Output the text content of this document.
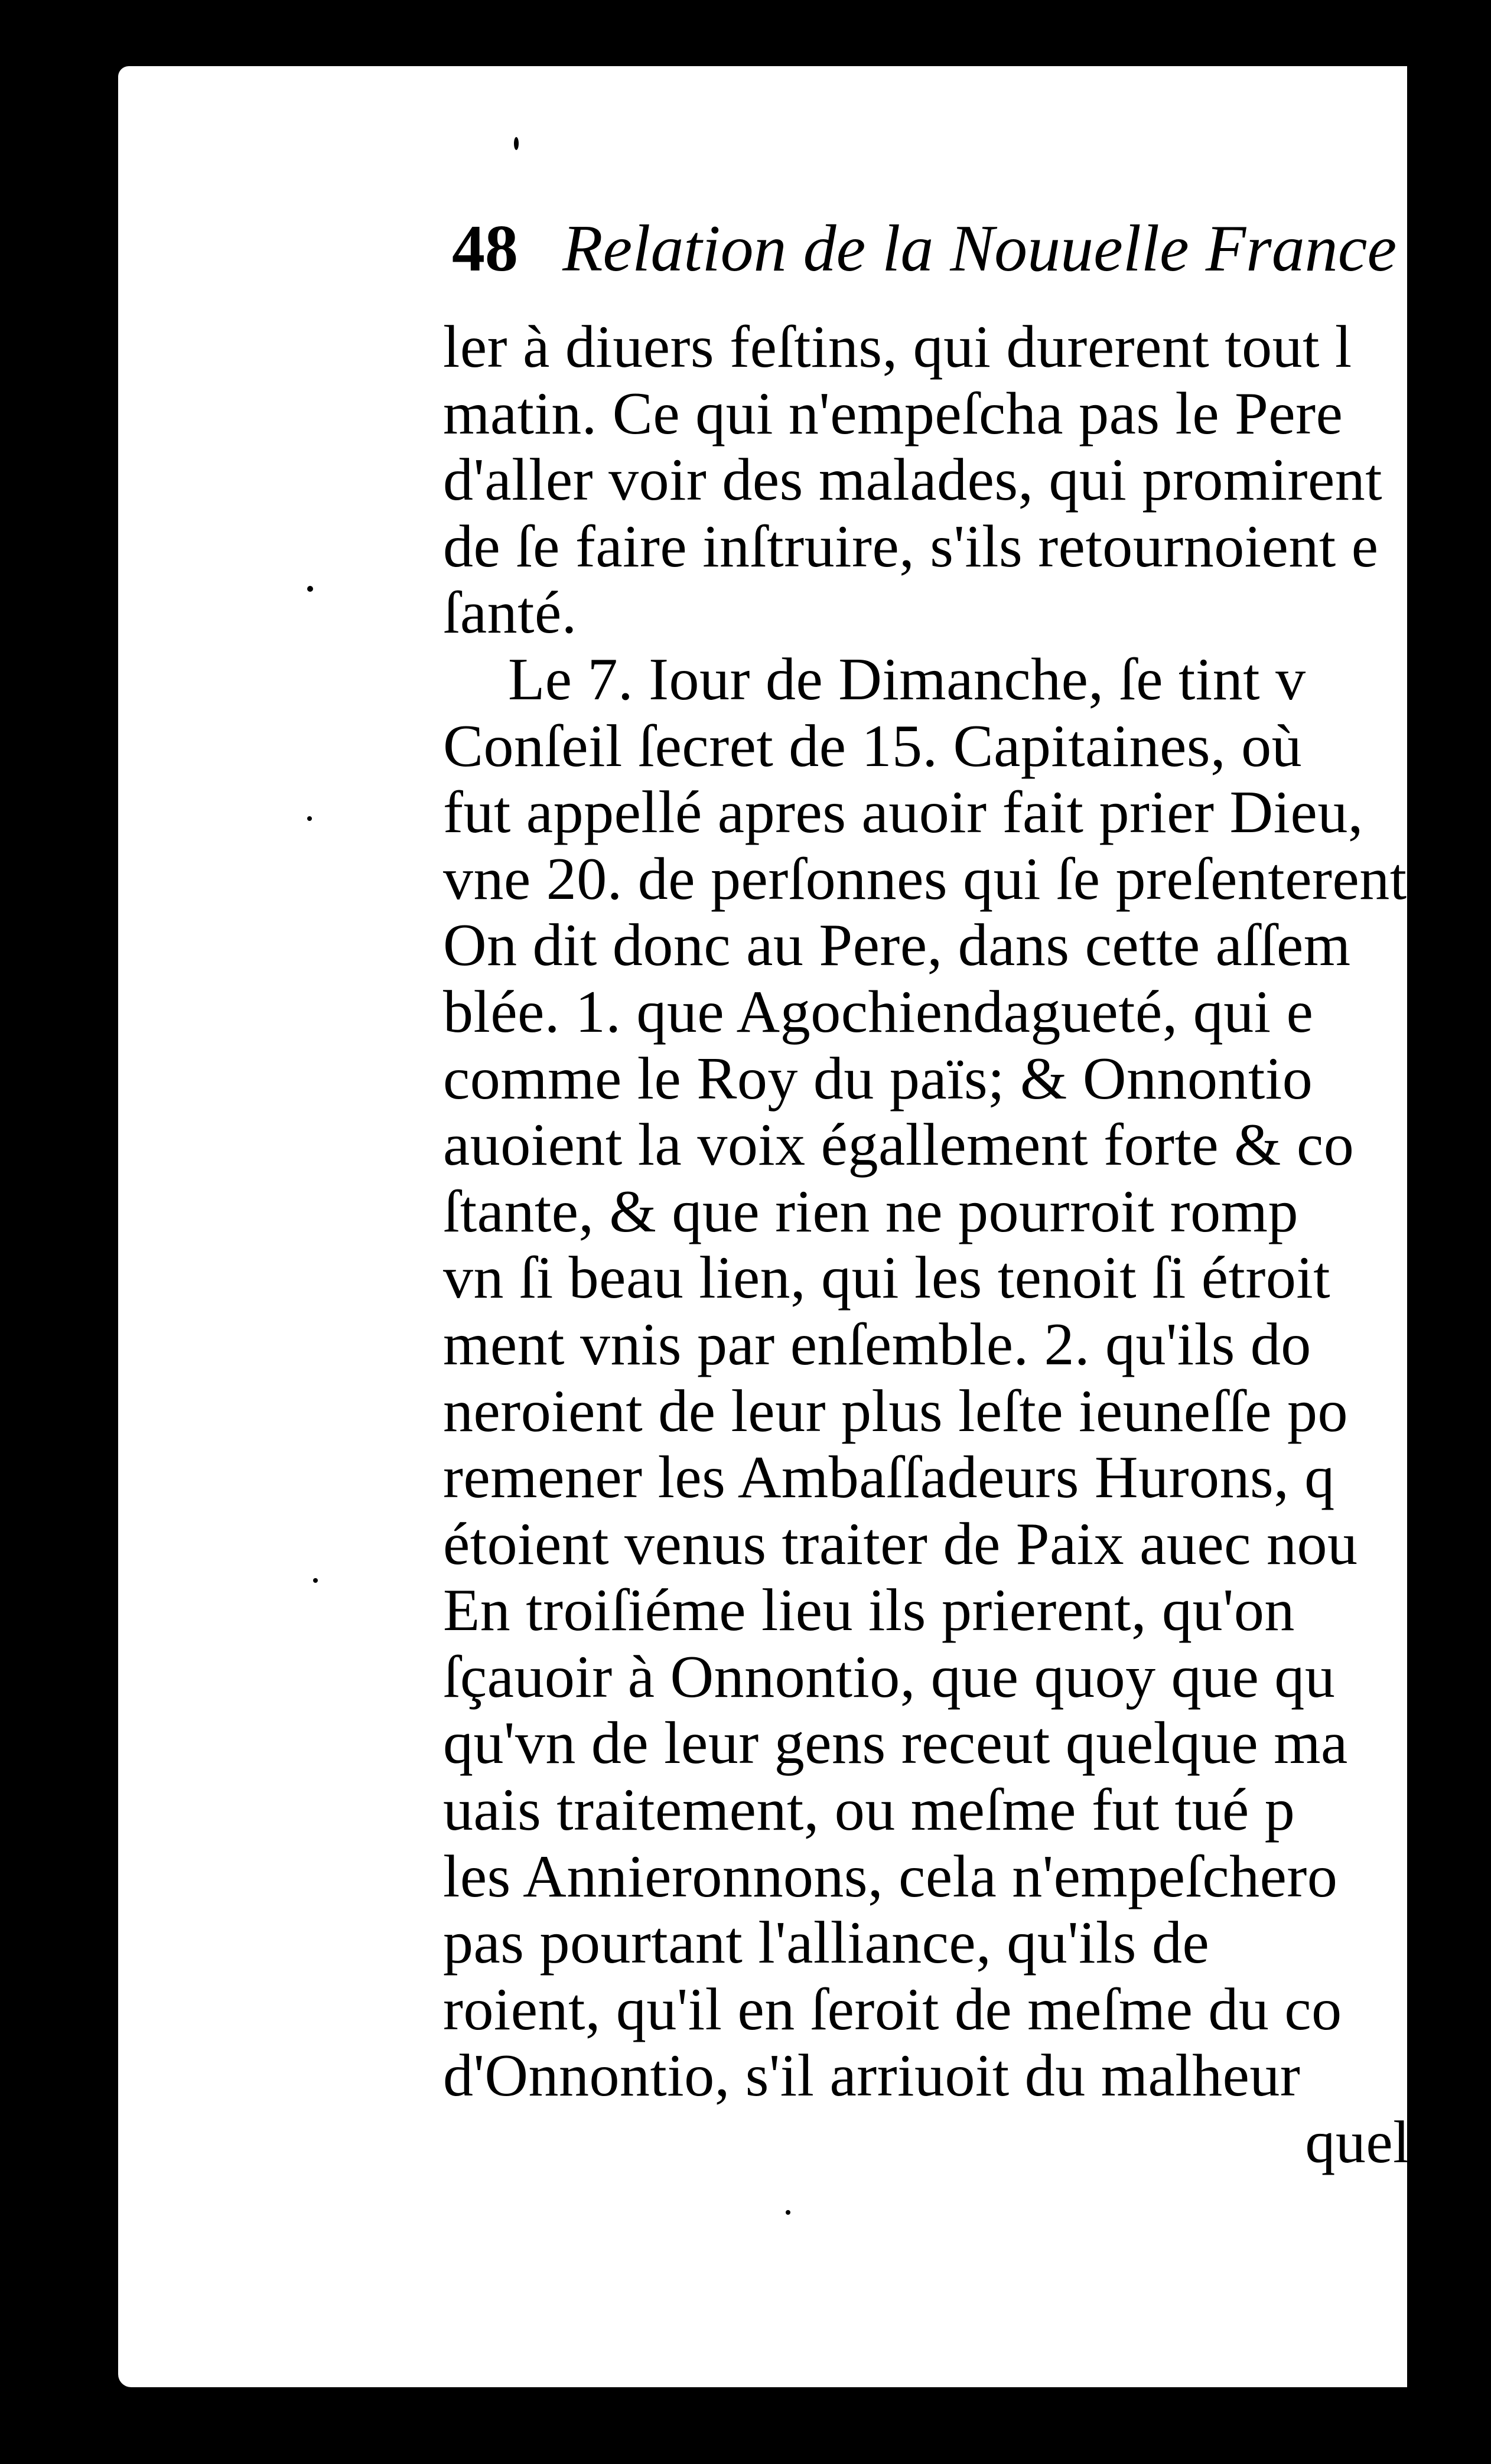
48 Relation de la Nouuelle France
ler à diuers feſtins, qui durerent tout l
matin. Ce qui n'empeſcha pas le Pere
d'aller voir des malades, qui promirent
de ſe faire inſtruire, s'ils retournoient e
ſanté.
Le 7. Iour de Dimanche, ſe tint v
Conſeil ſecret de 15. Capitaines, où
fut appellé apres auoir fait prier Dieu,
vne 20. de perſonnes qui ſe preſenterent
On dit donc au Pere, dans cette aſſem
blée. 1. que Agochiendagueté, qui e
comme le Roy du païs; & Onnontio
auoient la voix égallement forte & co
ſtante, & que rien ne pourroit romp
vn ſi beau lien, qui les tenoit ſi étroit
ment vnis par enſemble. 2. qu'ils do
neroient de leur plus leſte ieuneſſe po
remener les Ambaſſadeurs Hurons, q
étoient venus traiter de Paix auec nou
En troiſiéme lieu ils prierent, qu'on
ſçauoir à Onnontio, que quoy que qu
qu'vn de leur gens receut quelque ma
uais traitement, ou meſme fut tué p
les Annieronnons, cela n'empeſchero
pas pourtant l'alliance, qu'ils de
roient, qu'il en ſeroit de meſme du co
d'Onnontio, s'il arriuoit du malheur
quelqu
